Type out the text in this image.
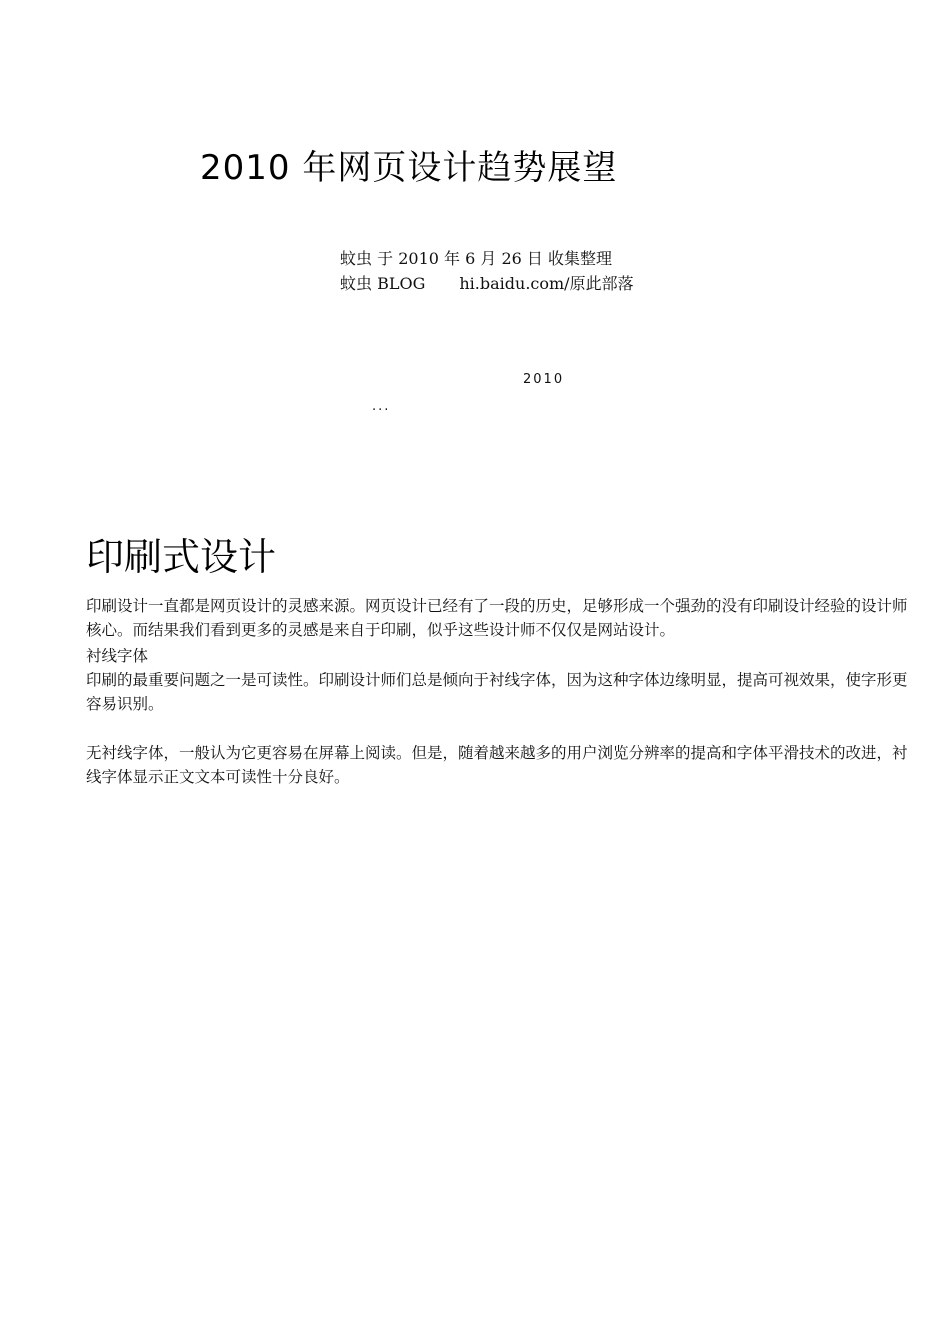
2010 年网页设计趋势展望
蚊虫 于 2010 年 6 月 26 日 收集整理
蚊虫 BLOG hi.baidu.com/原此部落
2010
...
印刷式设计
印刷设计一直都是网页设计的灵感来源。网页设计已经有了一段的历史，足够形成一个强劲的没有印刷设计经验的设计师核心。而结果我们看到更多的灵感是来自于印刷，似乎这些设计师不仅仅是网站设计。
衬线字体
印刷的最重要问题之一是可读性。印刷设计师们总是倾向于衬线字体，因为这种字体边缘明显，提高可视效果，使字形更容易识别。
无衬线字体，一般认为它更容易在屏幕上阅读。但是，随着越来越多的用户浏览分辨率的提高和字体平滑技术的改进，衬线字体显示正文文本可读性十分良好。
